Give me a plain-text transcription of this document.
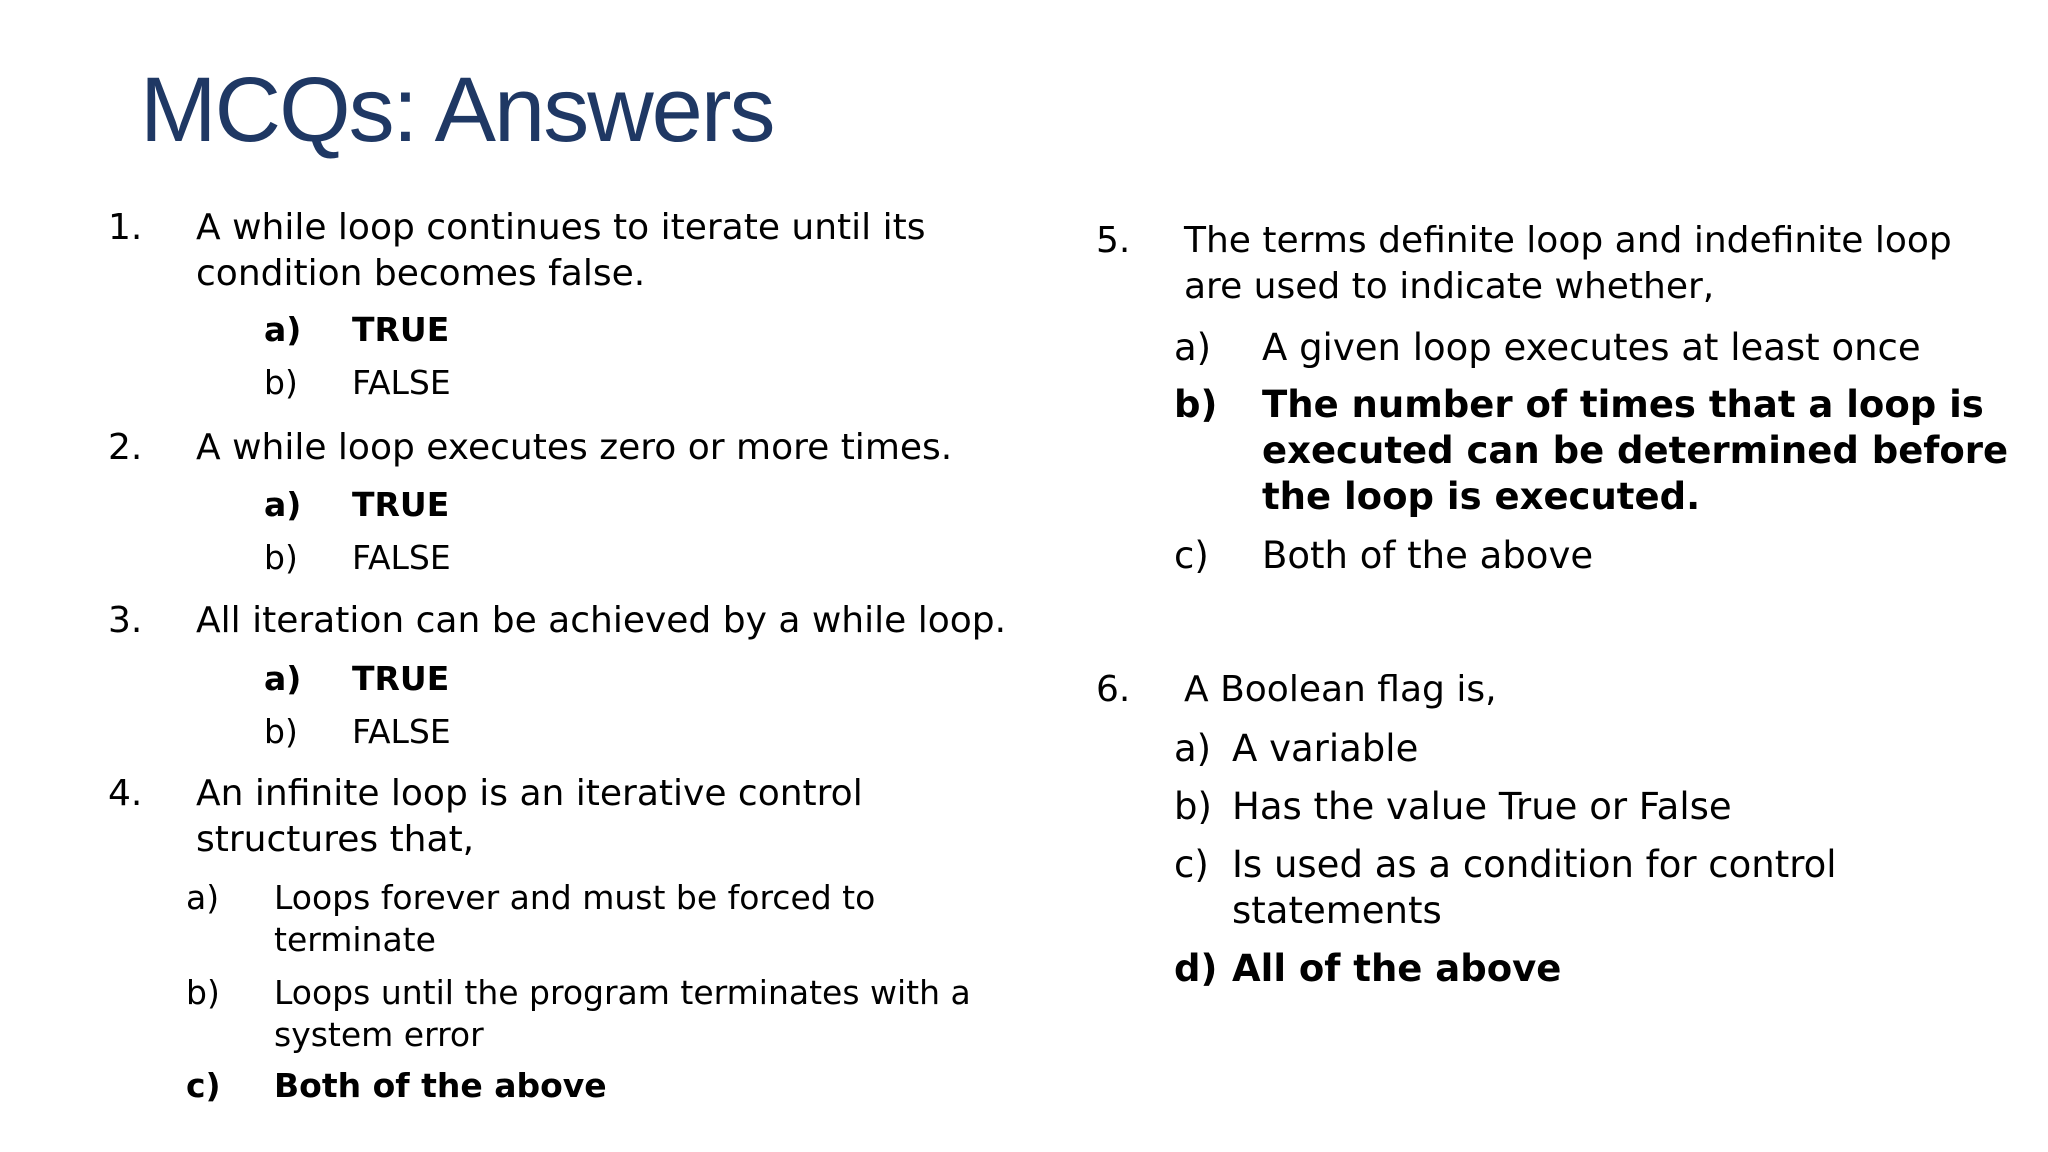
MCQs: Answers
1. A while loop continues to iterate until its
condition becomes false.
a) TRUE
b) FALSE
2. A while loop executes zero or more times.
a) TRUE
b) FALSE
3. All iteration can be achieved by a while loop.
a) TRUE
b) FALSE
4. An infinite loop is an iterative control
structures that,
a) Loops forever and must be forced to
terminate
b) Loops until the program terminates with a
system error
c) Both of the above
5. The terms definite loop and indefinite loop
are used to indicate whether,
a) A given loop executes at least once
b) The number of times that a loop is
executed can be determined before
the loop is executed.
c) Both of the above
6. A Boolean flag is,
a) A variable
b) Has the value True or False
c) Is used as a condition for control
statements
d) All of the above
